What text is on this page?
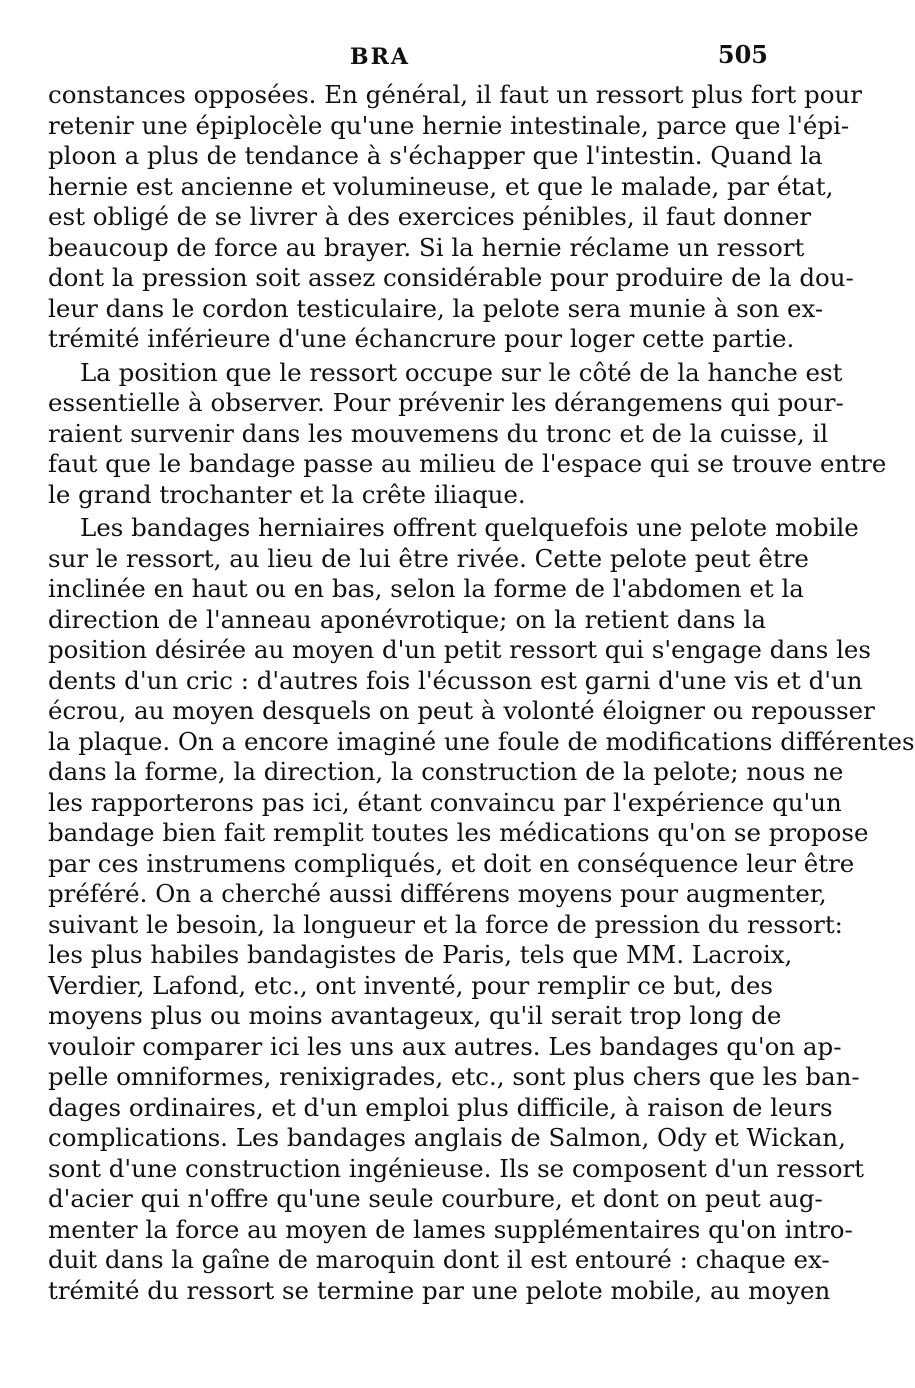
BRA	505
constances opposées. En général, il faut un ressort plus fort pour
retenir une épiplocèle qu'une hernie intestinale, parce que l'épi-
ploon a plus de tendance à s'échapper que l'intestin. Quand la
hernie est ancienne et volumineuse, et que le malade, par état,
est obligé de se livrer à des exercices pénibles, il faut donner
beaucoup de force au brayer. Si la hernie réclame un ressort
dont la pression soit assez considérable pour produire de la dou-
leur dans le cordon testiculaire, la pelote sera munie à son ex-
trémité inférieure d'une échancrure pour loger cette partie.
La position que le ressort occupe sur le côté de la hanche est
essentielle à observer. Pour prévenir les dérangemens qui pour-
raient survenir dans les mouvemens du tronc et de la cuisse, il
faut que le bandage passe au milieu de l'espace qui se trouve entre
le grand trochanter et la crête iliaque.
Les bandages herniaires offrent quelquefois une pelote mobile
sur le ressort, au lieu de lui être rivée. Cette pelote peut être
inclinée en haut ou en bas, selon la forme de l'abdomen et la
direction de l'anneau aponévrotique; on la retient dans la
position désirée au moyen d'un petit ressort qui s'engage dans les
dents d'un cric : d'autres fois l'écusson est garni d'une vis et d'un
écrou, au moyen desquels on peut à volonté éloigner ou repousser
la plaque. On a encore imaginé une foule de modifications différentes
dans la forme, la direction, la construction de la pelote; nous ne
les rapporterons pas ici, étant convaincu par l'expérience qu'un
bandage bien fait remplit toutes les médications qu'on se propose
par ces instrumens compliqués, et doit en conséquence leur être
préféré. On a cherché aussi différens moyens pour augmenter,
suivant le besoin, la longueur et la force de pression du ressort:
les plus habiles bandagistes de Paris, tels que MM. Lacroix,
Verdier, Lafond, etc., ont inventé, pour remplir ce but, des
moyens plus ou moins avantageux, qu'il serait trop long de
vouloir comparer ici les uns aux autres. Les bandages qu'on ap-
pelle omniformes, renixigrades, etc., sont plus chers que les ban-
dages ordinaires, et d'un emploi plus difficile, à raison de leurs
complications. Les bandages anglais de Salmon, Ody et Wickan,
sont d'une construction ingénieuse. Ils se composent d'un ressort
d'acier qui n'offre qu'une seule courbure, et dont on peut aug-
menter la force au moyen de lames supplémentaires qu'on intro-
duit dans la gaîne de maroquin dont il est entouré : chaque ex-
trémité du ressort se termine par une pelote mobile, au moyen
